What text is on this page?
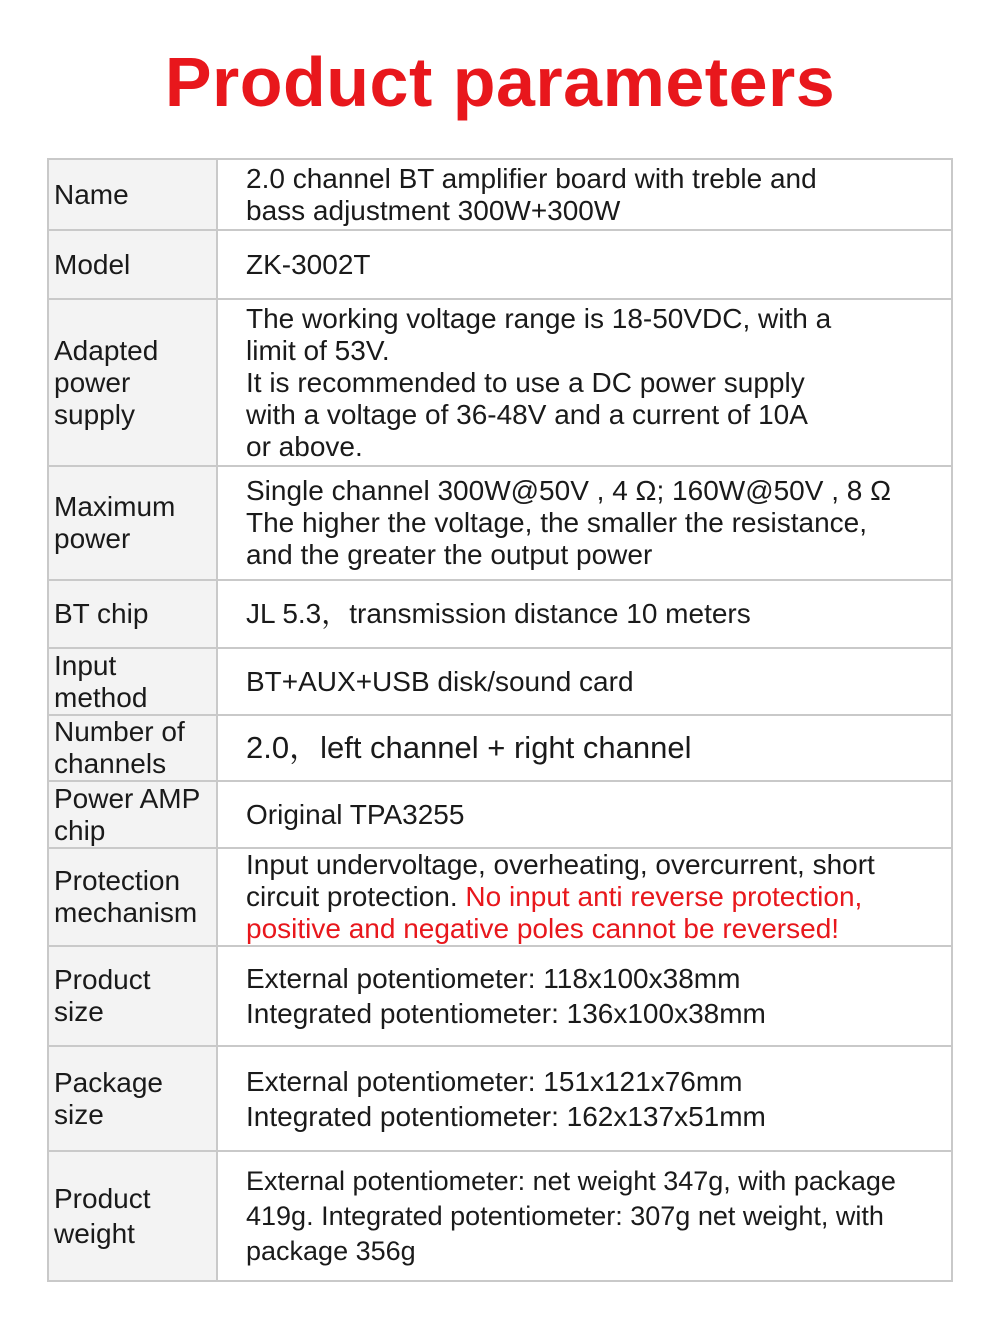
Product parameters
Name	2.0 channel BT amplifier board with treble and
bass adjustment 300W+300W

Model	ZK-3002T

Adapted
power
supply	The working voltage range is 18-50VDC, with a
limit of 53V.
It is recommended to use a DC power supply
with a voltage of 36-48V and a current of 10A
or above.

Maximum
power	Single channel 300W@50V , 4 Ω; 160W@50V , 8 Ω
The higher the voltage, the smaller the resistance,
and the greater the output power

BT chip	JL 5.3，transmission distance 10 meters

Input
method	BT+AUX+USB disk/sound card

Number of
channels	2.0，left channel + right channel

Power AMP
chip	Original TPA3255

Protection
mechanism	Input undervoltage, overheating, overcurrent, short
circuit protection. No input anti reverse protection,
positive and negative poles cannot be reversed!

Product
size	External potentiometer: 118x100x38mm
Integrated potentiometer: 136x100x38mm

Package
size	External potentiometer: 151x121x76mm
Integrated potentiometer: 162x137x51mm

Product
weight	External potentiometer: net weight 347g, with package
419g. Integrated potentiometer: 307g net weight, with
package 356g
